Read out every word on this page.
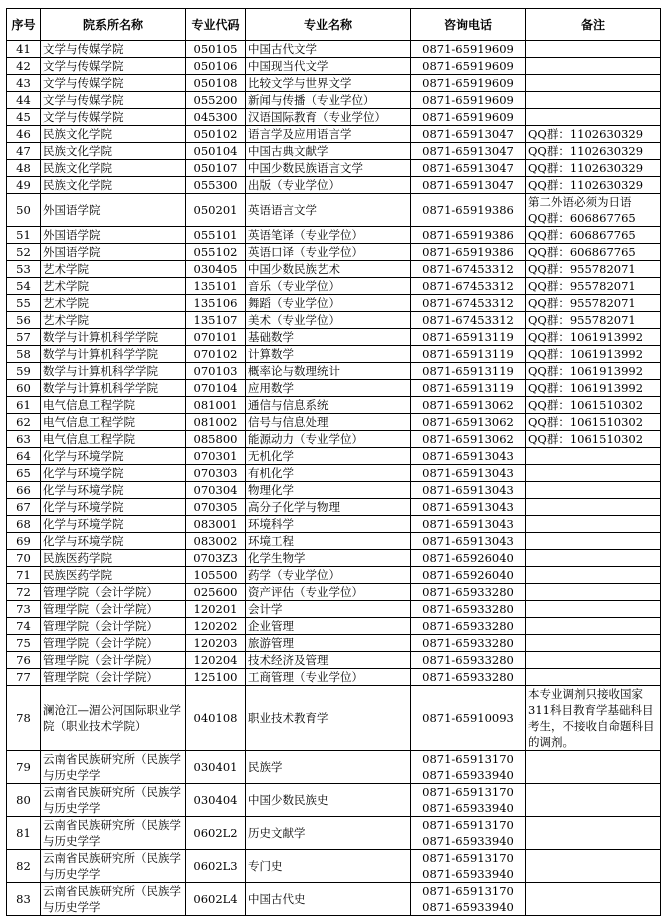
序号	院系所名称	专业代码	专业名称	咨询电话	备注
41	文学与传媒学院	050105	中国古代文学	0871-65919609	

42	文学与传媒学院	050106	中国现当代文学	0871-65919609	

43	文学与传媒学院	050108	比较文学与世界文学	0871-65919609	

44	文学与传媒学院	055200	新闻与传播（专业学位）	0871-65919609	

45	文学与传媒学院	045300	汉语国际教育（专业学位）	0871-65919609	

46	民族文化学院	050102	语言学及应用语言学	0871-65913047	QQ群：1102630329

47	民族文化学院	050104	中国古典文献学	0871-65913047	QQ群：1102630329

48	民族文化学院	050107	中国少数民族语言文学	0871-65913047	QQ群：1102630329

49	民族文化学院	055300	出版（专业学位）	0871-65913047	QQ群：1102630329

50	外国语学院	050201	英语语言文学	0871-65919386	第二外语必须为日语
QQ群：606867765

51	外国语学院	055101	英语笔译（专业学位）	0871-65919386	QQ群：606867765

52	外国语学院	055102	英语口译（专业学位）	0871-65919386	QQ群：606867765

53	艺术学院	030405	中国少数民族艺术	0871-67453312	QQ群：955782071

54	艺术学院	135101	音乐（专业学位）	0871-67453312	QQ群：955782071

55	艺术学院	135106	舞蹈（专业学位）	0871-67453312	QQ群：955782071

56	艺术学院	135107	美术（专业学位）	0871-67453312	QQ群：955782071

57	数学与计算机科学学院	070101	基础数学	0871-65913119	QQ群：1061913992

58	数学与计算机科学学院	070102	计算数学	0871-65913119	QQ群：1061913992

59	数学与计算机科学学院	070103	概率论与数理统计	0871-65913119	QQ群：1061913992

60	数学与计算机科学学院	070104	应用数学	0871-65913119	QQ群：1061913992

61	电气信息工程学院	081001	通信与信息系统	0871-65913062	QQ群：1061510302

62	电气信息工程学院	081002	信号与信息处理	0871-65913062	QQ群：1061510302

63	电气信息工程学院	085800	能源动力（专业学位）	0871-65913062	QQ群：1061510302

64	化学与环境学院	070301	无机化学	0871-65913043	

65	化学与环境学院	070303	有机化学	0871-65913043	

66	化学与环境学院	070304	物理化学	0871-65913043	

67	化学与环境学院	070305	高分子化学与物理	0871-65913043	

68	化学与环境学院	083001	环境科学	0871-65913043	

69	化学与环境学院	083002	环境工程	0871-65913043	

70	民族医药学院	0703Z3	化学生物学	0871-65926040	

71	民族医药学院	105500	药学（专业学位）	0871-65926040	

72	管理学院（会计学院）	025600	资产评估（专业学位）	0871-65933280	

73	管理学院（会计学院）	120201	会计学	0871-65933280	

74	管理学院（会计学院）	120202	企业管理	0871-65933280	

75	管理学院（会计学院）	120203	旅游管理	0871-65933280	

76	管理学院（会计学院）	120204	技术经济及管理	0871-65933280	

77	管理学院（会计学院）	125100	工商管理（专业学位）	0871-65933280	

78	澜沧江—湄公河国际职业学院（职业技术学院）	040108	职业技术教育学	0871-65910093	本专业调剂只接收国家311科目教育学基础科目考生，不接收自命题科目的调剂。

79	云南省民族研究所（民族学与历史学学	030401	民族学	0871-65913170
0871-65933940	

80	云南省民族研究所（民族学与历史学学	030404	中国少数民族史	0871-65913170
0871-65933940	

81	云南省民族研究所（民族学与历史学学	0602L2	历史文献学	0871-65913170
0871-65933940	

82	云南省民族研究所（民族学与历史学学	0602L3	专门史	0871-65913170
0871-65933940	

83	云南省民族研究所（民族学与历史学学	0602L4	中国古代史	0871-65913170
0871-65933940	
